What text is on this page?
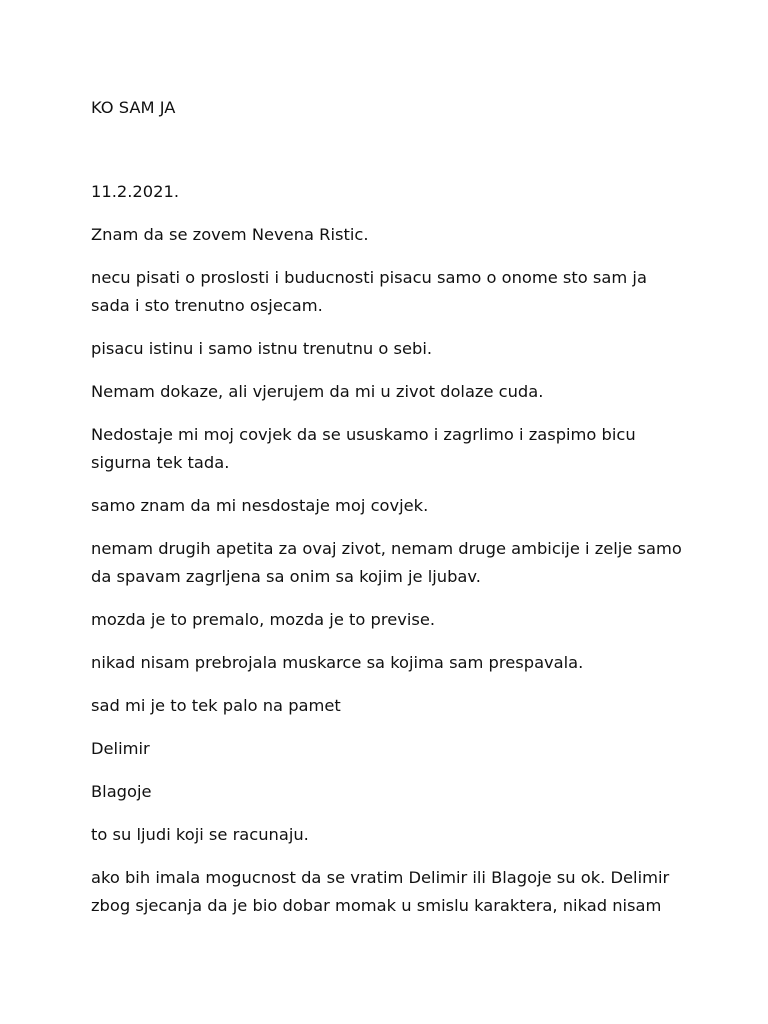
KO SAM JA

11.2.2021.

Znam da se zovem Nevena Ristic.

necu pisati o proslosti i buducnosti pisacu samo o onome sto sam ja
sada i sto trenutno osjecam.

pisacu istinu i samo istnu trenutnu o sebi.

Nemam dokaze, ali vjerujem da mi u zivot dolaze cuda.

Nedostaje mi moj covjek da se ususkamo i zagrlimo i zaspimo bicu
sigurna tek tada.

samo znam da mi nesdostaje moj covjek.

nemam drugih apetita za ovaj zivot, nemam druge ambicije i zelje samo
da spavam zagrljena sa onim sa kojim je ljubav.

mozda je to premalo, mozda je to previse.

nikad nisam prebrojala muskarce sa kojima sam prespavala.

sad mi je to tek palo na pamet

Delimir

Blagoje

to su ljudi koji se racunaju.

ako bih imala mogucnost da se vratim Delimir ili Blagoje su ok. Delimir
zbog sjecanja da je bio dobar momak u smislu karaktera, nikad nisam
